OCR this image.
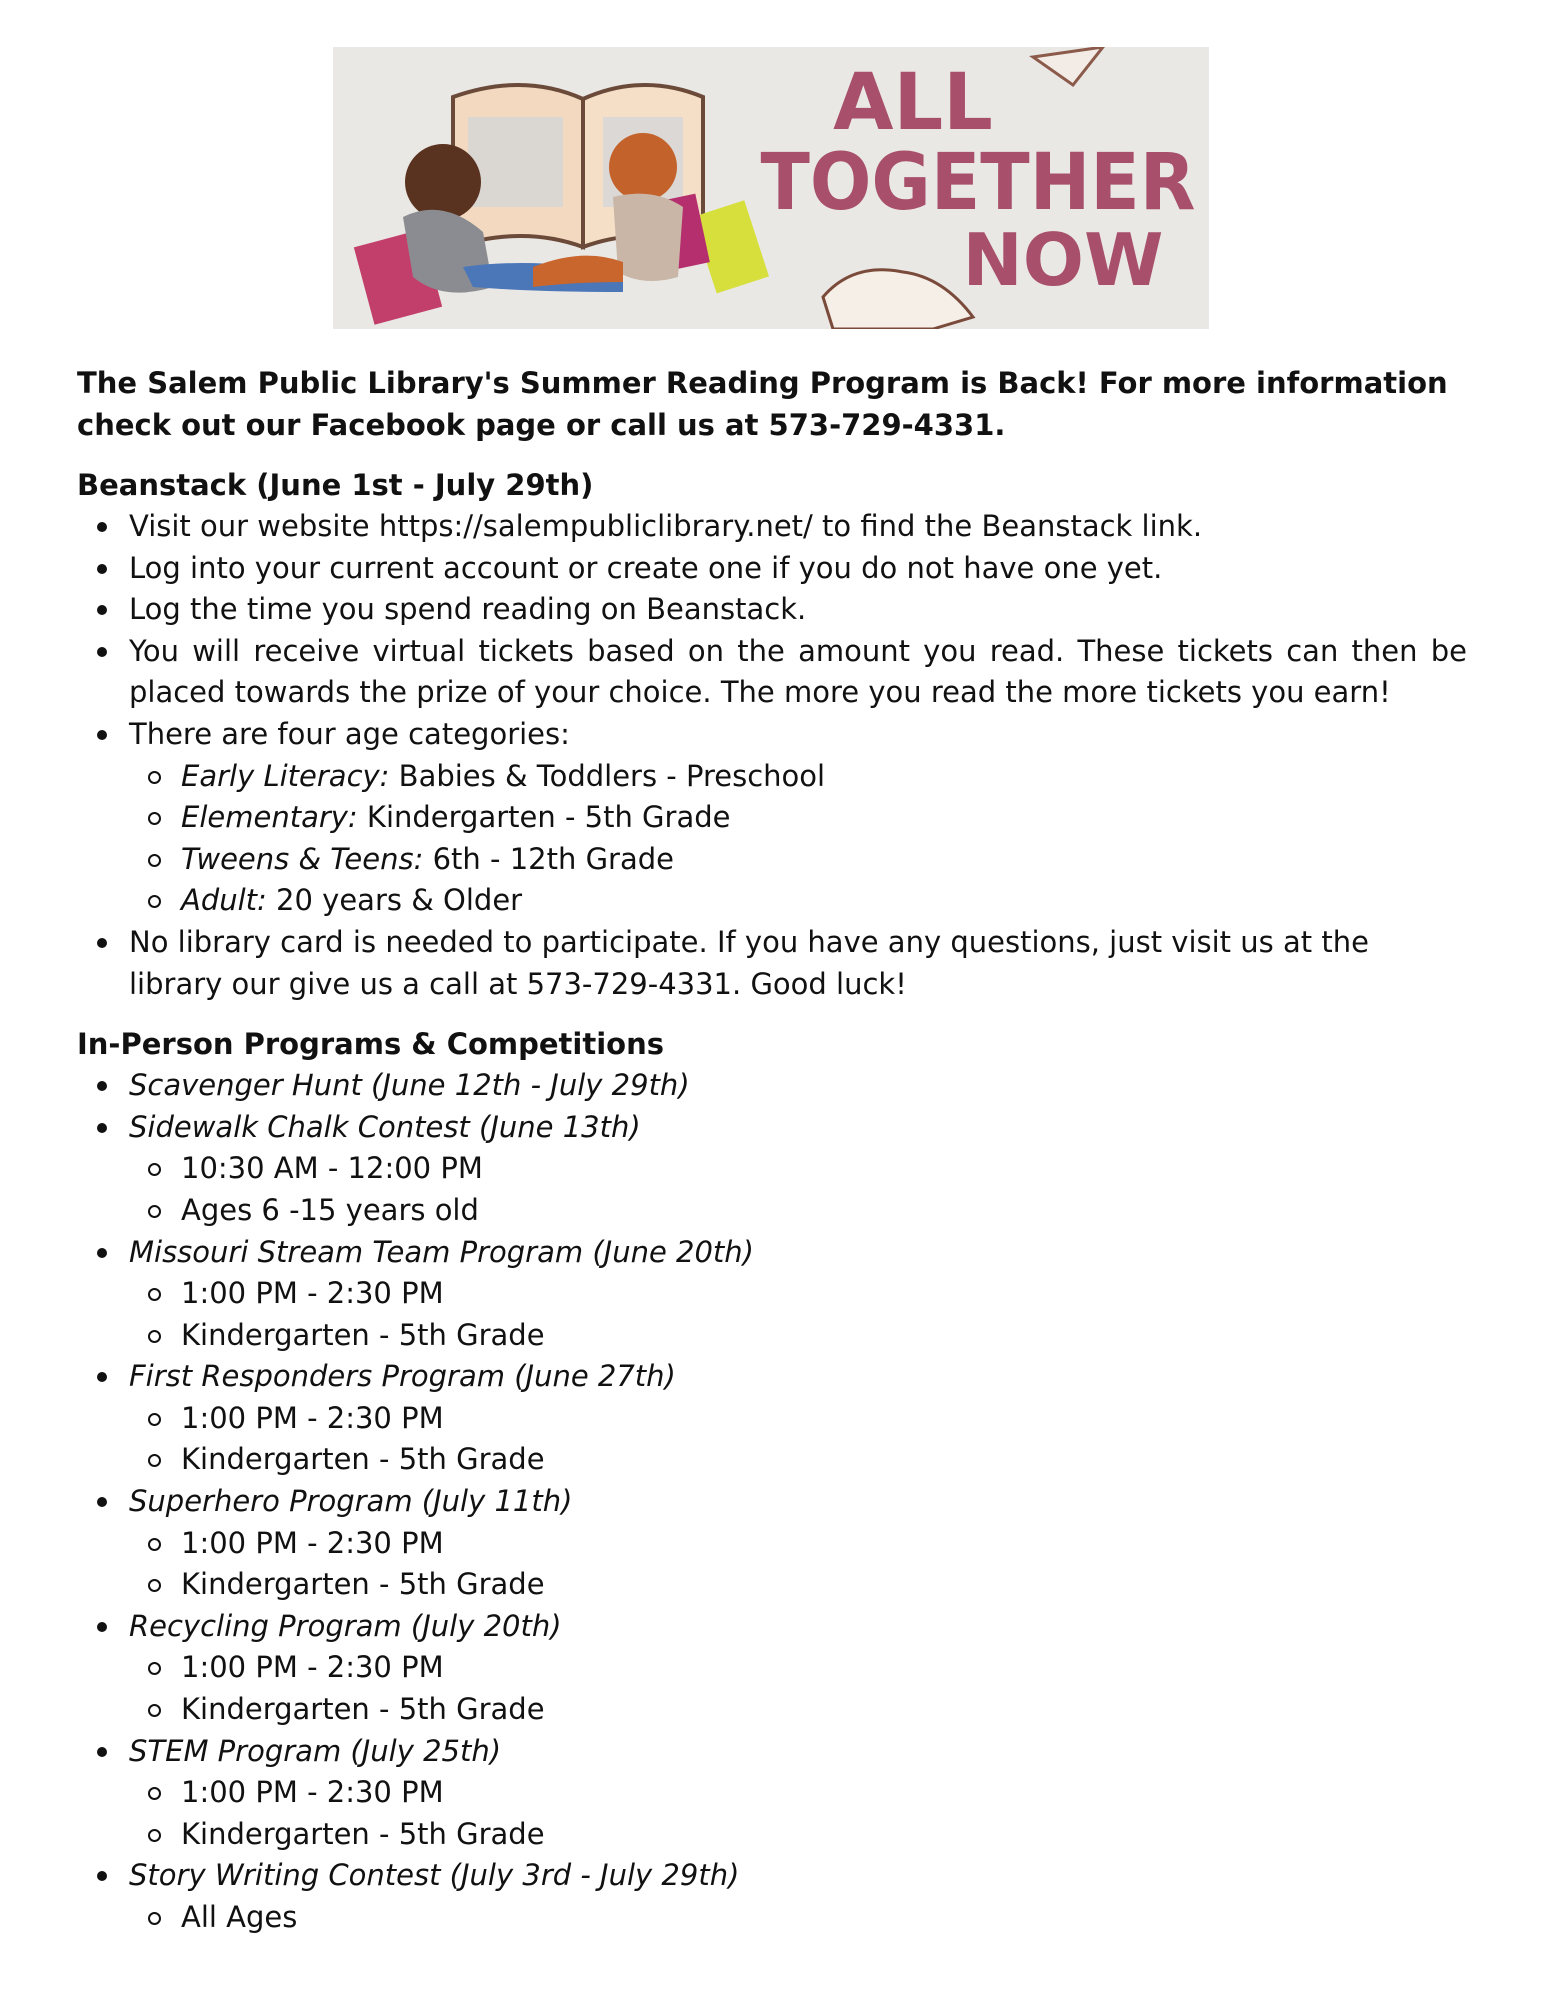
ALL
TOGETHER
NOW

The Salem Public Library's Summer Reading Program is Back! For more information check out our Facebook page or call us at 573-729-4331.

Beanstack (June 1st - July 29th)

Visit our website https://salempubliclibrary.net/ to find the Beanstack link.
Log into your current account or create one if you do not have one yet.
Log the time you spend reading on Beanstack.
You will receive virtual tickets based on the amount you read. These tickets can then be placed towards the prize of your choice. The more you read the more tickets you earn!
There are four age categories:
Early Literacy: Babies & Toddlers - Preschool
Elementary: Kindergarten - 5th Grade
Tweens & Teens: 6th - 12th Grade
Adult: 20 years & Older
No library card is needed to participate. If you have any questions, just visit us at the library our give us a call at 573-729-4331. Good luck!

In-Person Programs & Competitions

Scavenger Hunt (June 12th - July 29th)
Sidewalk Chalk Contest (June 13th)
10:30 AM - 12:00 PM
Ages 6 -15 years old
Missouri Stream Team Program (June 20th)
1:00 PM - 2:30 PM
Kindergarten - 5th Grade
First Responders Program (June 27th)
1:00 PM - 2:30 PM
Kindergarten - 5th Grade
Superhero Program (July 11th)
1:00 PM - 2:30 PM
Kindergarten - 5th Grade
Recycling Program (July 20th)
1:00 PM - 2:30 PM
Kindergarten - 5th Grade
STEM Program (July 25th)
1:00 PM - 2:30 PM
Kindergarten - 5th Grade
Story Writing Contest (July 3rd - July 29th)
All Ages
